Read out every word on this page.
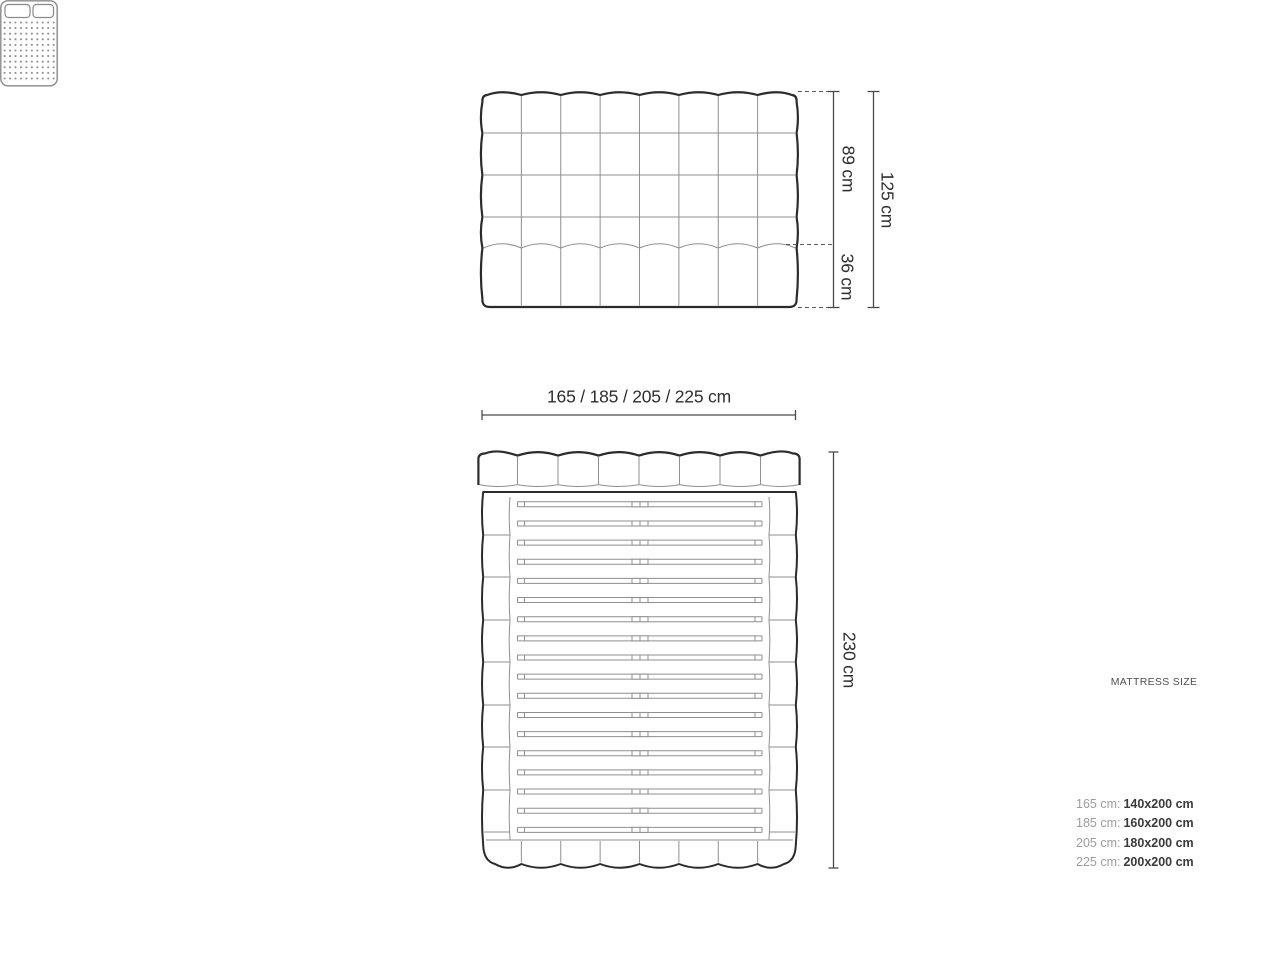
89 cm
36 cm
125 cm
165 / 185 / 205 / 225 cm
230 cm	MATTRESS SIZE
165 cm: 140x200 cm
185 cm: 160x200 cm
205 cm: 180x200 cm
225 cm: 200x200 cm
